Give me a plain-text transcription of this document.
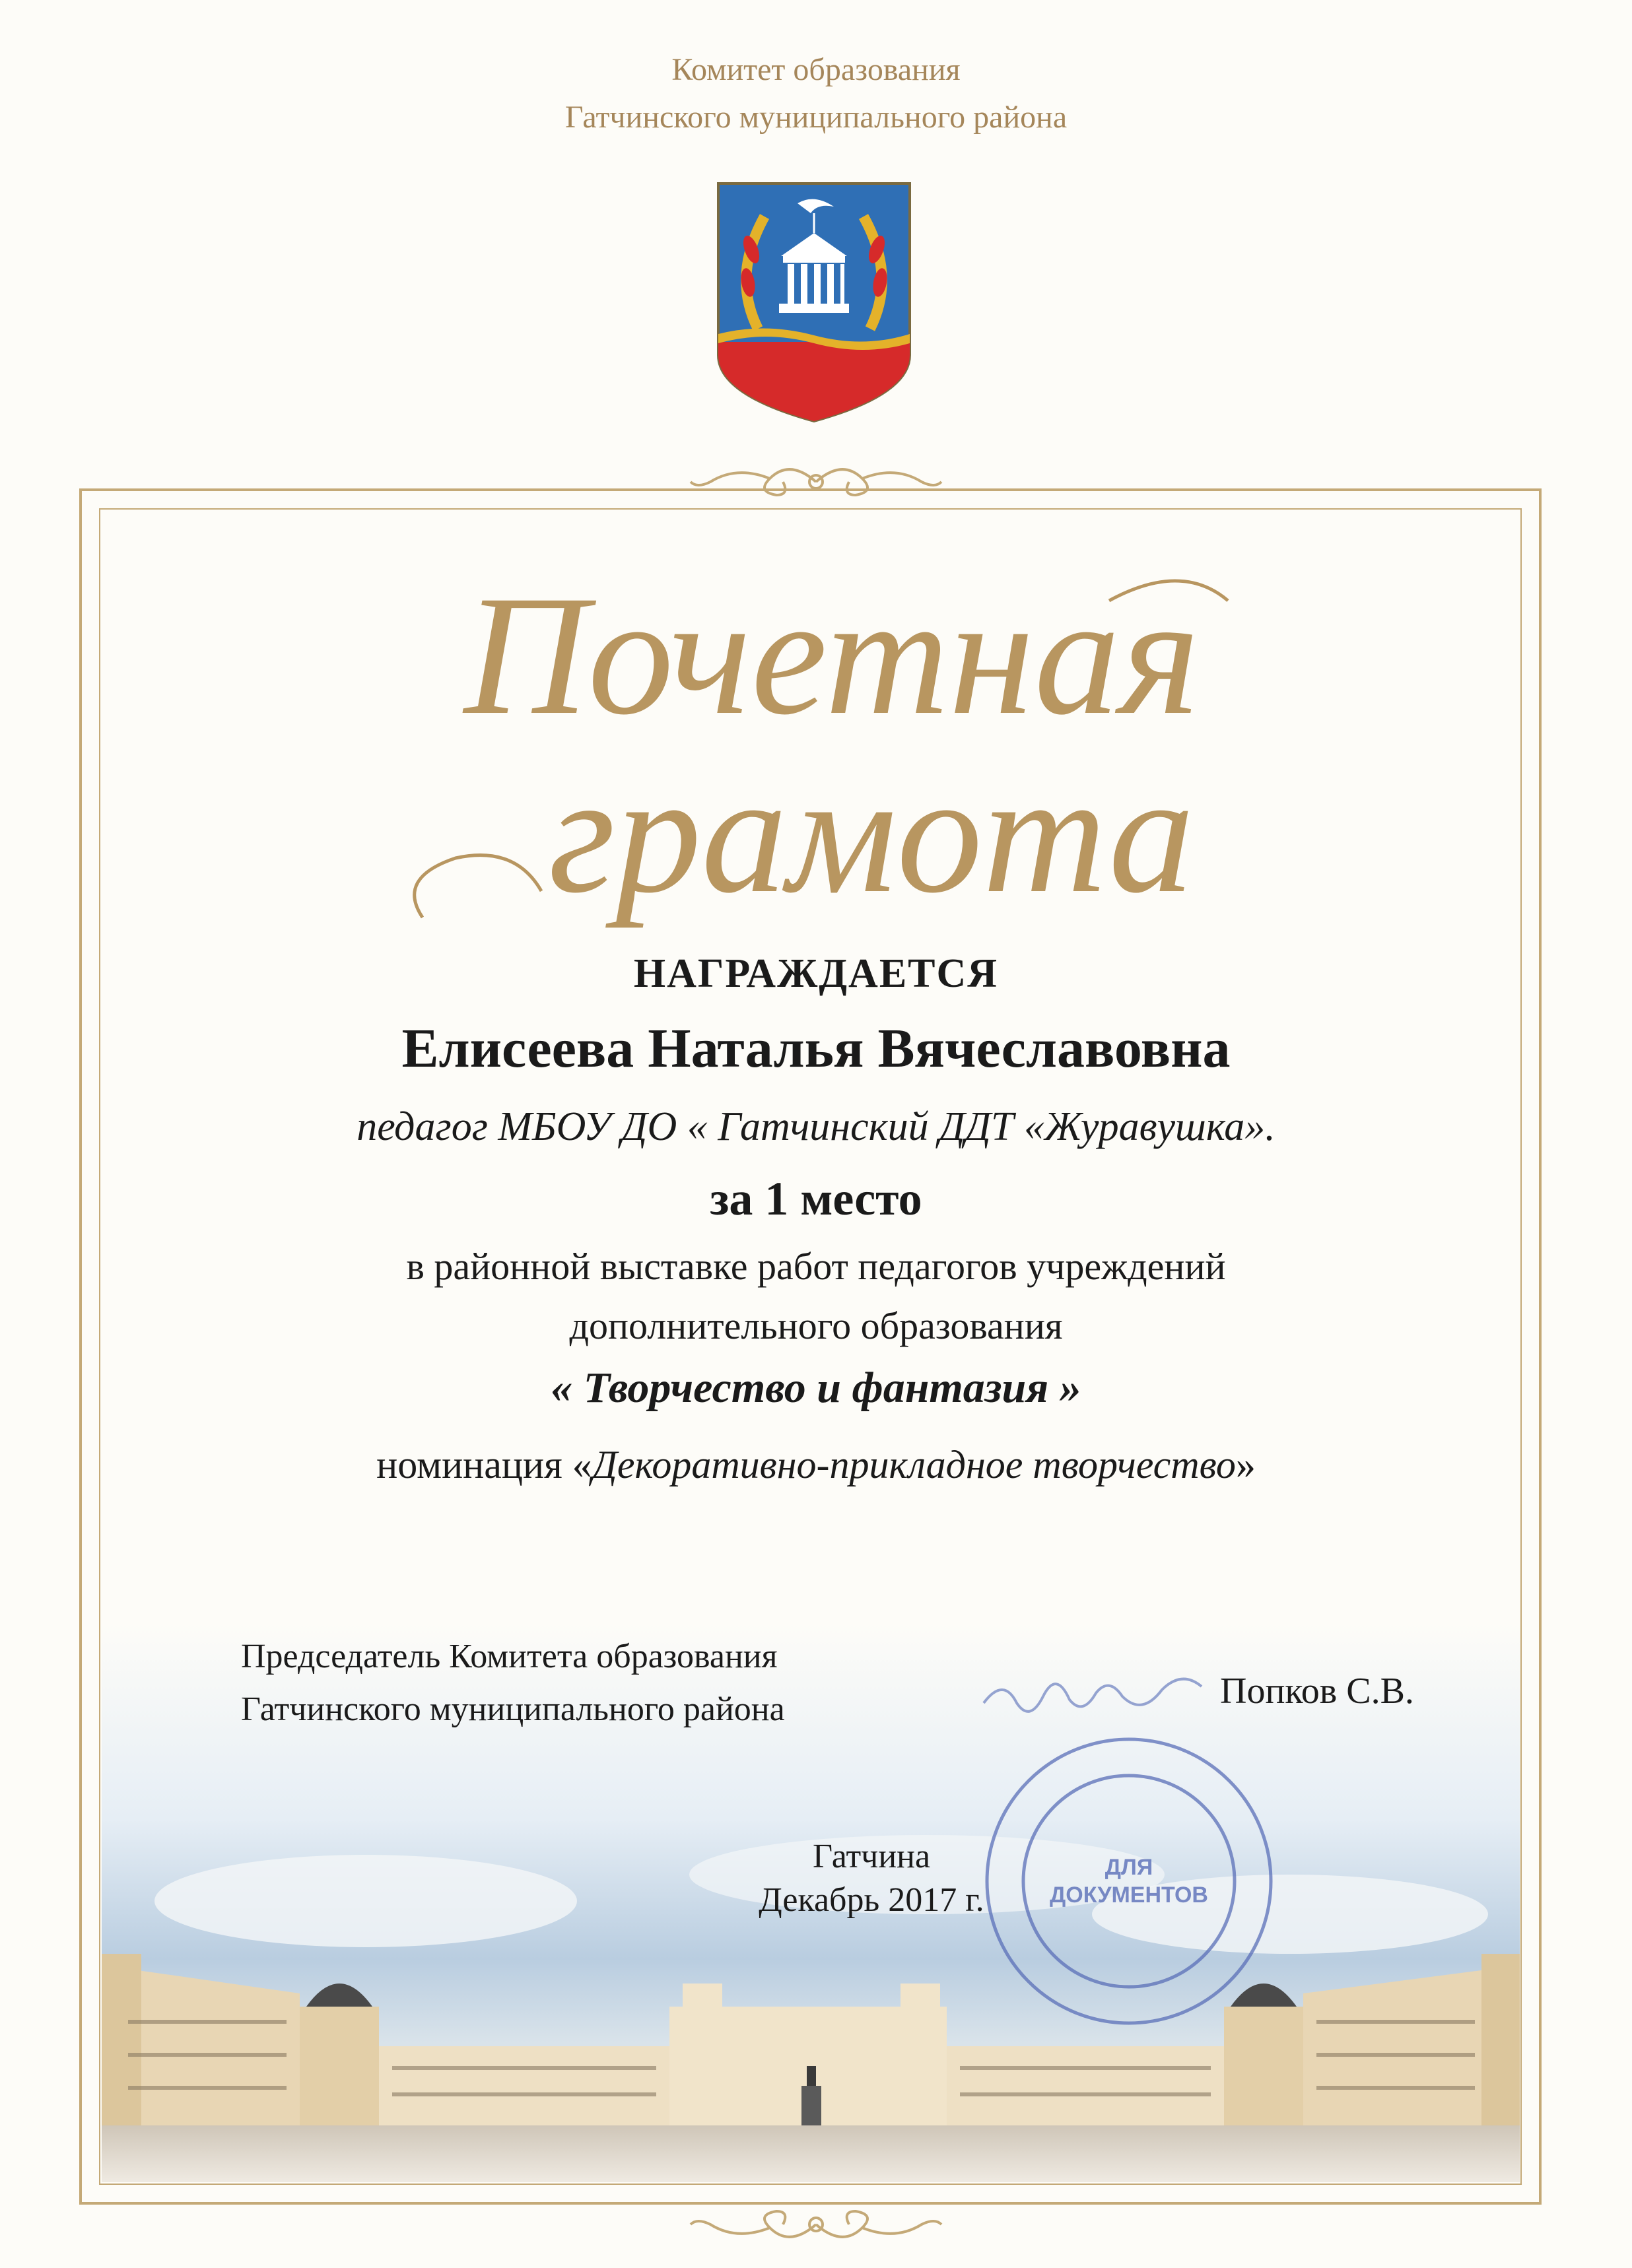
Комитет образования
Гатчинского муниципального района
Почетная
грамота
НАГРАЖДАЕТСЯ
Елисеева Наталья Вячеславовна
педагог МБОУ ДО « Гатчинский ДДТ «Журавушка».
за 1 место
в районной выставке работ педагогов учреждений
дополнительного образования
« Творчество и фантазия »
номинация «Декоративно-прикладное творчество»
Председатель Комитета образования
Гатчинского муниципального района	Попков С.В.
ДЛЯ
ДОКУМЕНТОВ
Гатчина
Декабрь 2017 г.
